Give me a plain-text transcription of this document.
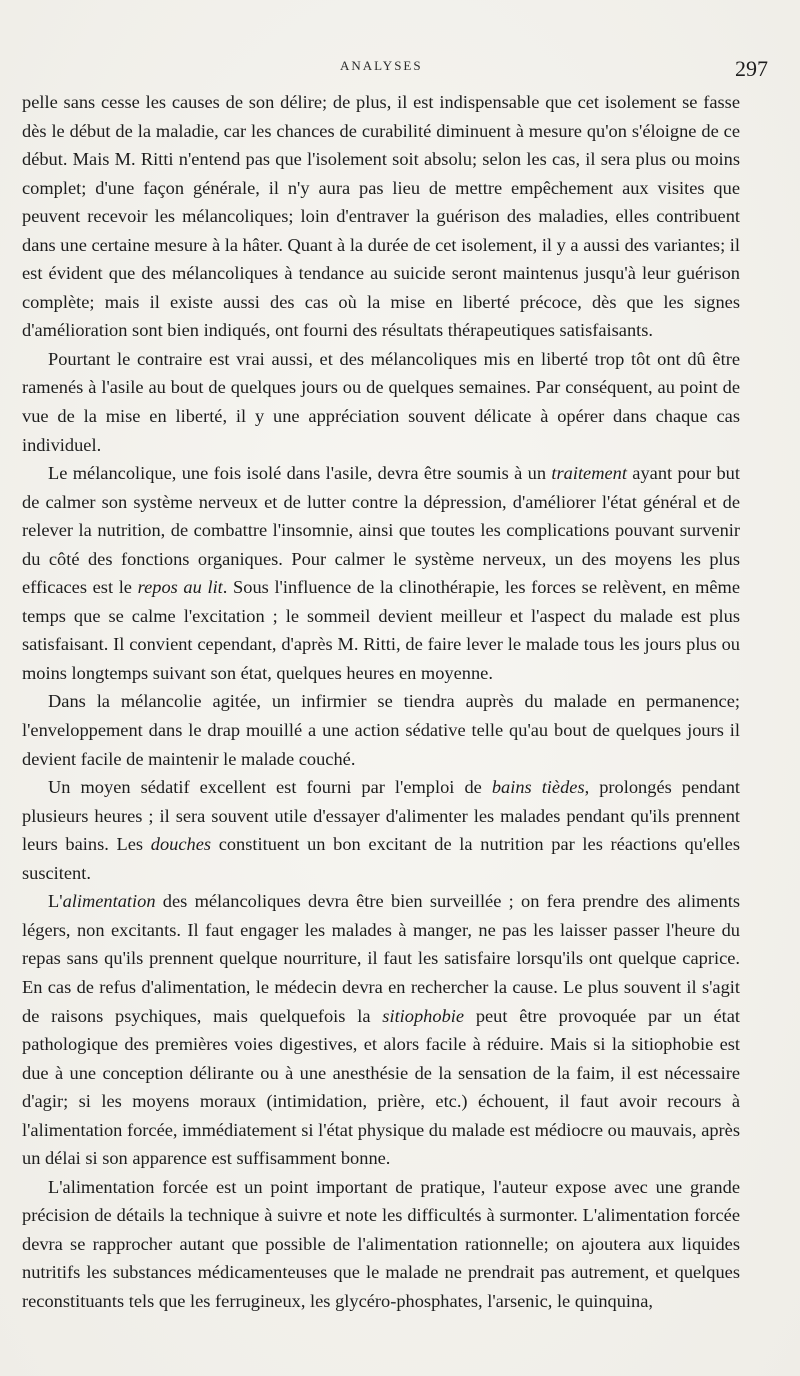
ANALYSES	297

pelle sans cesse les causes de son délire; de plus, il est indispensable que cet isolement se fasse dès le début de la maladie, car les chances de curabilité diminuent à mesure qu'on s'éloigne de ce début. Mais M. Ritti n'entend pas que l'isolement soit absolu; selon les cas, il sera plus ou moins complet; d'une façon générale, il n'y aura pas lieu de mettre empêchement aux visites que peuvent recevoir les mélancoliques; loin d'entraver la guérison des maladies, elles contribuent dans une certaine mesure à la hâter. Quant à la durée de cet isolement, il y a aussi des variantes; il est évident que des mélancoliques à tendance au suicide seront maintenus jusqu'à leur guérison complète; mais il existe aussi des cas où la mise en liberté précoce, dès que les signes d'amélioration sont bien indiqués, ont fourni des résultats thérapeutiques satisfaisants.

Pourtant le contraire est vrai aussi, et des mélancoliques mis en liberté trop tôt ont dû être ramenés à l'asile au bout de quelques jours ou de quelques semaines. Par conséquent, au point de vue de la mise en liberté, il y une appréciation souvent délicate à opérer dans chaque cas individuel.

Le mélancolique, une fois isolé dans l'asile, devra être soumis à un traitement ayant pour but de calmer son système nerveux et de lutter contre la dépression, d'améliorer l'état général et de relever la nutrition, de combattre l'insomnie, ainsi que toutes les complications pouvant survenir du côté des fonctions organiques. Pour calmer le système nerveux, un des moyens les plus efficaces est le repos au lit. Sous l'influence de la clinothérapie, les forces se relèvent, en même temps que se calme l'excitation ; le sommeil devient meilleur et l'aspect du malade est plus satisfaisant. Il convient cependant, d'après M. Ritti, de faire lever le malade tous les jours plus ou moins longtemps suivant son état, quelques heures en moyenne.

Dans la mélancolie agitée, un infirmier se tiendra auprès du malade en permanence; l'enveloppement dans le drap mouillé a une action sédative telle qu'au bout de quelques jours il devient facile de maintenir le malade couché.

Un moyen sédatif excellent est fourni par l'emploi de bains tièdes, prolongés pendant plusieurs heures ; il sera souvent utile d'essayer d'alimenter les malades pendant qu'ils prennent leurs bains. Les douches constituent un bon excitant de la nutrition par les réactions qu'elles suscitent.

L'alimentation des mélancoliques devra être bien surveillée ; on fera prendre des aliments légers, non excitants. Il faut engager les malades à manger, ne pas les laisser passer l'heure du repas sans qu'ils prennent quelque nourriture, il faut les satisfaire lorsqu'ils ont quelque caprice. En cas de refus d'alimentation, le médecin devra en rechercher la cause. Le plus souvent il s'agit de raisons psychiques, mais quelquefois la sitiophobie peut être provoquée par un état pathologique des premières voies digestives, et alors facile à réduire. Mais si la sitiophobie est due à une conception délirante ou à une anesthésie de la sensation de la faim, il est nécessaire d'agir; si les moyens moraux (intimidation, prière, etc.) échouent, il faut avoir recours à l'alimentation forcée, immédiatement si l'état physique du malade est médiocre ou mauvais, après un délai si son apparence est suffisamment bonne.

L'alimentation forcée est un point important de pratique, l'auteur expose avec une grande précision de détails la technique à suivre et note les difficultés à surmonter. L'alimentation forcée devra se rapprocher autant que possible de l'alimentation rationnelle; on ajoutera aux liquides nutritifs les substances médicamenteuses que le malade ne prendrait pas autrement, et quelques reconstituants tels que les ferrugineux, les glycéro-phosphates, l'arsenic, le quinquina,
